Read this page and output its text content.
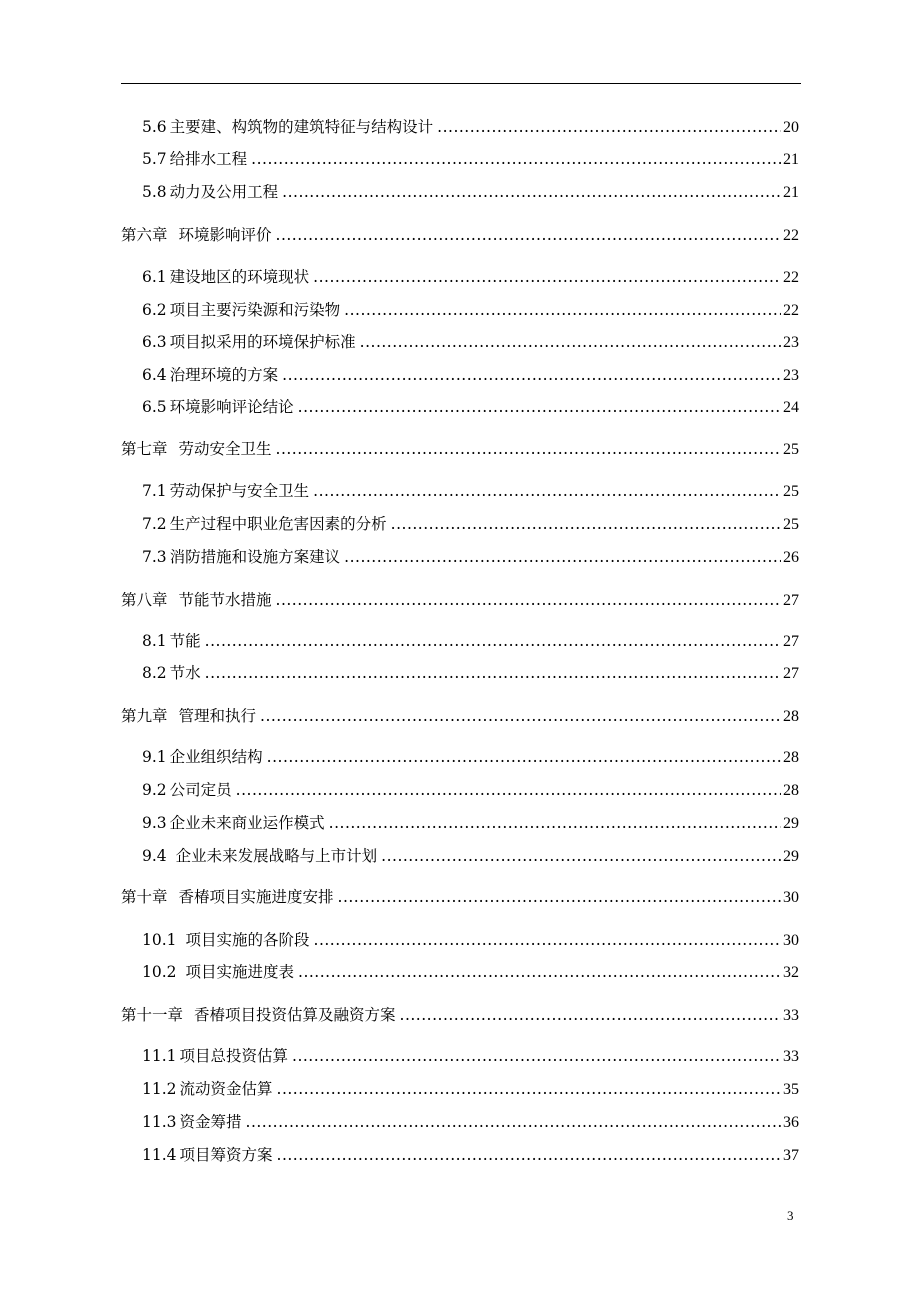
5.6 主要建、构筑物的建筑特征与结构设计 .....	20
5.7 给排水工程 .....	21
5.8 动力及公用工程 .....	21
第六章 环境影响评价 .....	22
6.1 建设地区的环境现状 .....	22
6.2 项目主要污染源和污染物 .....	22
6.3 项目拟采用的环境保护标准 .....	23
6.4 治理环境的方案 .....	23
6.5 环境影响评论结论 .....	24
第七章 劳动安全卫生 .....	25
7.1 劳动保护与安全卫生 .....	25
7.2 生产过程中职业危害因素的分析 .....	25
7.3 消防措施和设施方案建议 .....	26
第八章 节能节水措施 .....	27
8.1 节能 .....	27
8.2 节水 .....	27
第九章 管理和执行 .....	28
9.1 企业组织结构 .....	28
9.2 公司定员 .....	28
9.3 企业未来商业运作模式 .....	29
9.4 企业未来发展战略与上市计划 .....	29
第十章 香椿项目实施进度安排 .....	30
10.1 项目实施的各阶段 .....	30
10.2 项目实施进度表 .....	32
第十一章 香椿项目投资估算及融资方案 .....	33
11.1 项目总投资估算 .....	33
11.2 流动资金估算 .....	35
11.3 资金筹措 .....	36
11.4 项目筹资方案 .....	37
3
